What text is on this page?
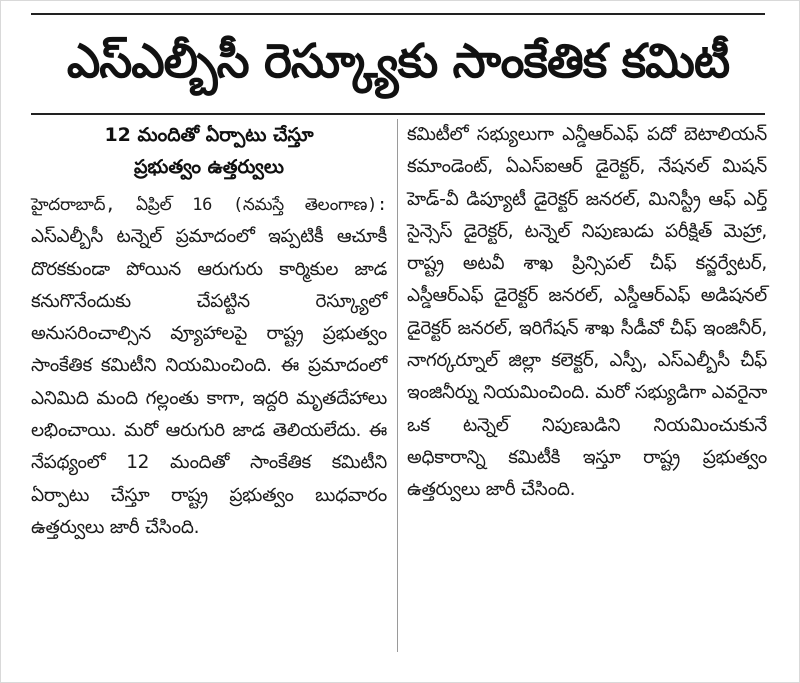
ఎస్ఎల్బీసీ రెస్క్యూకు సాంకేతిక కమిటీ
12 మందితో ఏర్పాటు చేస్తూ
ప్రభుత్వం ఉత్తర్వులు

హైదరాబాద్, ఏప్రిల్ 16 (నమస్తే తెలంగాణ): ఎస్ఎల్బీసీ టన్నెల్ ప్రమాదంలో ఇప్పటికీ ఆచూకీ దొరకకుండా పోయిన ఆరుగురు కార్మికుల జాడ కనుగొనేందుకు చేపట్టిన రెస్క్యూలో అనుసరించాల్సిన వ్యూహాలపై రాష్ట్ర ప్రభుత్వం సాంకేతిక కమిటీని నియమించింది. ఈ ప్రమాదంలో ఎనిమిది మంది గల్లంతు కాగా, ఇద్దరి మృతదేహాలు లభించాయి. మరో ఆరుగురి జాడ తెలియలేదు. ఈ నేపథ్యంలో 12 మందితో సాంకేతిక కమిటీని ఏర్పాటు చేస్తూ రాష్ట్ర ప్రభుత్వం బుధవారం ఉత్తర్వులు జారీ చేసింది.

కమిటీలో సభ్యులుగా ఎన్డీఆర్ఎఫ్ పదో బెటాలియన్ కమాండెంట్, ఏఎస్ఐఆర్ డైరెక్టర్, నేషనల్ మిషన్ హెడ్-వీ డిప్యూటీ డైరెక్టర్ జనరల్, మినిస్ట్రీ ఆఫ్ ఎర్త్ సైన్సెస్ డైరెక్టర్, టన్నెల్ నిపుణుడు పరీక్షిత్ మెహ్రా, రాష్ట్ర అటవీ శాఖ ప్రిన్సిపల్ చీఫ్ కన్జర్వేటర్, ఎస్డీఆర్ఎఫ్ డైరెక్టర్ జనరల్, ఎస్డీఆర్ఎఫ్ అడిషనల్ డైరెక్టర్ జనరల్, ఇరిగేషన్ శాఖ సీడీవో చీఫ్ ఇంజినీర్, నాగర్కర్నూల్ జిల్లా కలెక్టర్, ఎస్పీ, ఎస్ఎల్బీసీ చీఫ్ ఇంజినీర్ను నియమించింది. మరో సభ్యుడిగా ఎవరైనా ఒక టన్నెల్ నిపుణుడిని నియమించుకునే అధికారాన్ని కమిటీకి ఇస్తూ రాష్ట్ర ప్రభుత్వం ఉత్తర్వులు జారీ చేసింది.
